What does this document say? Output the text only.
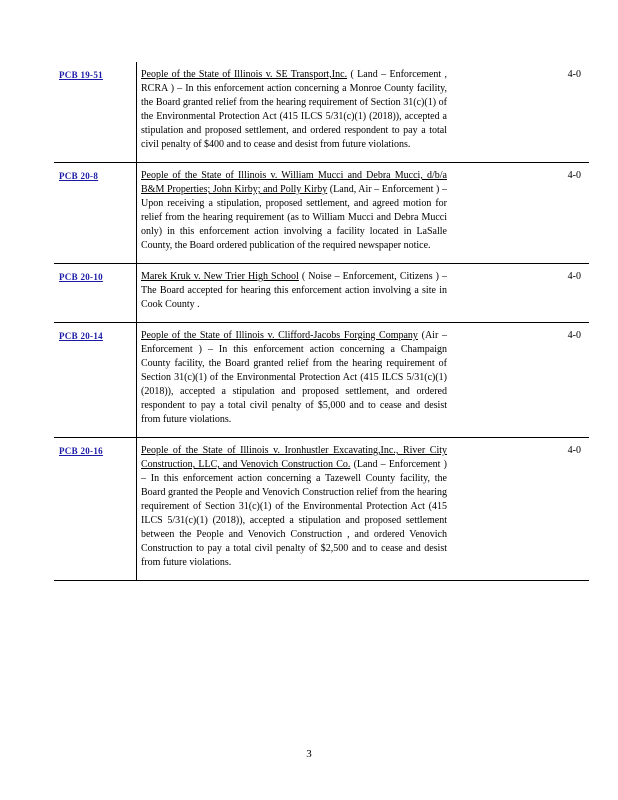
PCB 19-51	People of the State of Illinois v. SE Transport,Inc. ( Land – Enforcement , RCRA ) – In this enforcement action concerning a Monroe County facility, the Board granted relief from the hearing requirement of Section 31(c)(1) of the Environmental Protection Act (415 ILCS 5/31(c)(1) (2018)), accepted a stipulation and proposed settlement, and ordered respondent to pay a total civil penalty of $400 and to cease and desist from future violations.	4-0
PCB 20-8	People of the State of Illinois v. William Mucci and Debra Mucci, d/b/a B&M Properties; John Kirby; and Polly Kirby (Land, Air – Enforcement ) – Upon receiving a stipulation, proposed settlement, and agreed motion for relief from the hearing requirement (as to William Mucci and Debra Mucci only) in this enforcement action involving a facility located in LaSalle County, the Board ordered publication of the required newspaper notice.	4-0
PCB 20-10	Marek Kruk v. New Trier High School ( Noise – Enforcement, Citizens ) – The Board accepted for hearing this enforcement action involving a site in Cook County .	4-0
PCB 20-14	People of the State of Illinois v. Clifford-Jacobs Forging Company (Air – Enforcement ) – In this enforcement action concerning a Champaign County facility, the Board granted relief from the hearing requirement of Section 31(c)(1) of the Environmental Protection Act (415 ILCS 5/31(c)(1) (2018)), accepted a stipulation and proposed settlement, and ordered respondent to pay a total civil penalty of $5,000 and to cease and desist from future violations.	4-0
PCB 20-16	People of the State of Illinois v. Ironhustler Excavating,Inc., River City Construction, LLC, and Venovich Construction Co. (Land – Enforcement ) – In this enforcement action concerning a Tazewell County facility, the Board granted the People and Venovich Construction relief from the hearing requirement of Section 31(c)(1) of the Environmental Protection Act (415 ILCS 5/31(c)(1) (2018)), accepted a stipulation and proposed settlement between the People and Venovich Construction , and ordered Venovich Construction to pay a total civil penalty of $2,500 and to cease and desist from future violations.	4-0
3
